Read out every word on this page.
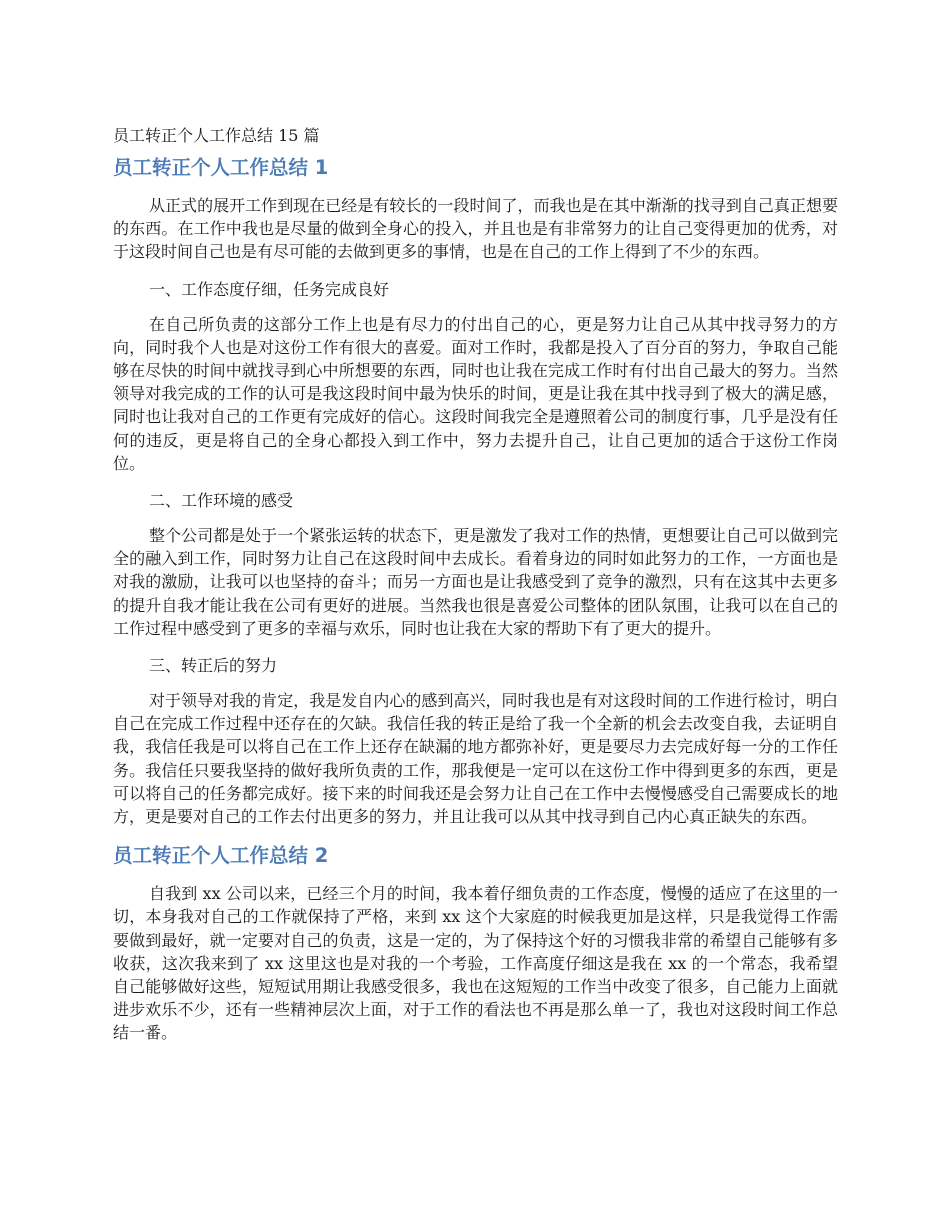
员工转正个人工作总结 15 篇
员工转正个人工作总结 1

从正式的展开工作到现在已经是有较长的一段时间了，而我也是在其中渐渐的找寻到自己真正想要的东西。在工作中我也是尽量的做到全身心的投入，并且也是有非常努力的让自己变得更加的优秀，对于这段时间自己也是有尽可能的去做到更多的事情，也是在自己的工作上得到了不少的东西。

一、工作态度仔细，任务完成良好

在自己所负责的这部分工作上也是有尽力的付出自己的心，更是努力让自己从其中找寻努力的方向，同时我个人也是对这份工作有很大的喜爱。面对工作时，我都是投入了百分百的努力，争取自己能够在尽快的时间中就找寻到心中所想要的东西，同时也让我在完成工作时有付出自己最大的努力。当然领导对我完成的工作的认可是我这段时间中最为快乐的时间，更是让我在其中找寻到了极大的满足感，同时也让我对自己的工作更有完成好的信心。这段时间我完全是遵照着公司的制度行事，几乎是没有任何的违反，更是将自己的全身心都投入到工作中，努力去提升自己，让自己更加的适合于这份工作岗位。

二、工作环境的感受

整个公司都是处于一个紧张运转的状态下，更是激发了我对工作的热情，更想要让自己可以做到完全的融入到工作，同时努力让自己在这段时间中去成长。看着身边的同时如此努力的工作，一方面也是对我的激励，让我可以也坚持的奋斗；而另一方面也是让我感受到了竞争的激烈，只有在这其中去更多的提升自我才能让我在公司有更好的进展。当然我也很是喜爱公司整体的团队氛围，让我可以在自己的工作过程中感受到了更多的幸福与欢乐，同时也让我在大家的帮助下有了更大的提升。

三、转正后的努力

对于领导对我的肯定，我是发自内心的感到高兴，同时我也是有对这段时间的工作进行检讨，明白自己在完成工作过程中还存在的欠缺。我信任我的转正是给了我一个全新的机会去改变自我，去证明自我，我信任我是可以将自己在工作上还存在缺漏的地方都弥补好，更是要尽力去完成好每一分的工作任务。我信任只要我坚持的做好我所负责的工作，那我便是一定可以在这份工作中得到更多的东西，更是可以将自己的任务都完成好。接下来的时间我还是会努力让自己在工作中去慢慢感受自己需要成长的地方，更是要对自己的工作去付出更多的努力，并且让我可以从其中找寻到自己内心真正缺失的东西。

员工转正个人工作总结 2

自我到 xx 公司以来，已经三个月的时间，我本着仔细负责的工作态度，慢慢的适应了在这里的一切，本身我对自己的工作就保持了严格，来到 xx 这个大家庭的时候我更加是这样，只是我觉得工作需要做到最好，就一定要对自己的负责，这是一定的，为了保持这个好的习惯我非常的希望自己能够有多收获，这次我来到了 xx 这里这也是对我的一个考验，工作高度仔细这是我在 xx 的一个常态，我希望自己能够做好这些，短短试用期让我感受很多，我也在这短短的工作当中改变了很多，自己能力上面就进步欢乐不少，还有一些精神层次上面，对于工作的看法也不再是那么单一了，我也对这段时间工作总结一番。
